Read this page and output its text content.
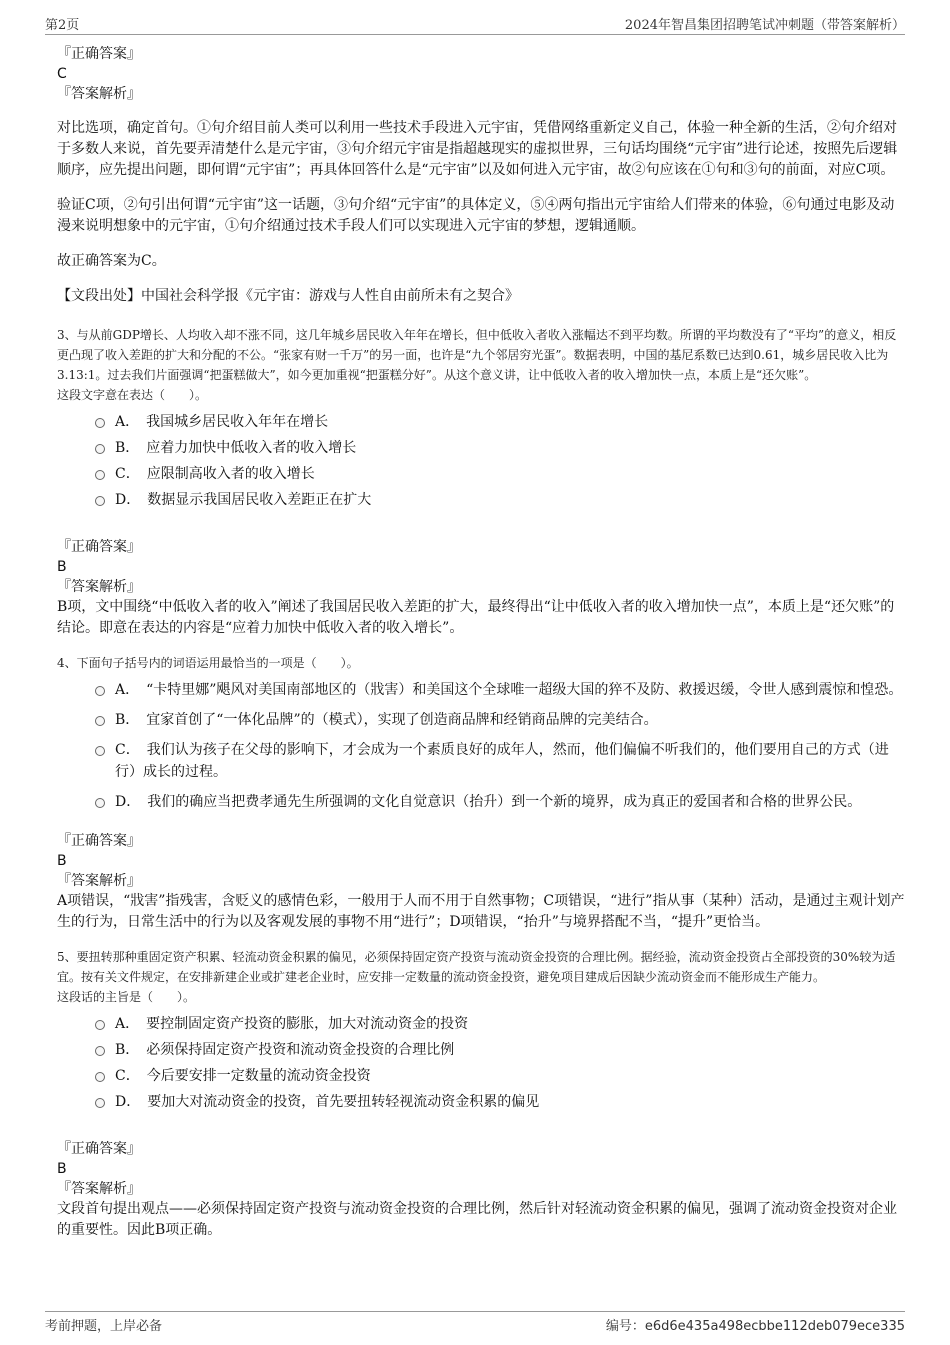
第2页	2024年智昌集团招聘笔试冲刺题（带答案解析）
『正确答案』
C
『答案解析』

对比选项，确定首句。①句介绍目前人类可以利用一些技术手段进入元宇宙，凭借网络重新定义自己，体验一种全新的生活，②句介绍对于多数人来说，首先要弄清楚什么是元宇宙，③句介绍元宇宙是指超越现实的虚拟世界，三句话均围绕“元宇宙”进行论述，按照先后逻辑顺序，应先提出问题，即何谓“元宇宙”；再具体回答什么是“元宇宙”以及如何进入元宇宙，故②句应该在①句和③句的前面，对应C项。

验证C项，②句引出何谓“元宇宙”这一话题，③句介绍“元宇宙”的具体定义，⑤④两句指出元宇宙给人们带来的体验，⑥句通过电影及动漫来说明想象中的元宇宙，①句介绍通过技术手段人们可以实现进入元宇宙的梦想，逻辑通顺。

故正确答案为C。

【文段出处】中国社会科学报《元宇宙：游戏与人性自由前所未有之契合》

3、与从前GDP增长、人均收入却不涨不同，这几年城乡居民收入年年在增长，但中低收入者收入涨幅达不到平均数。所谓的平均数没有了“平均”的意义，相反更凸现了收入差距的扩大和分配的不公。“张家有财一千万”的另一面，也许是“九个邻居穷光蛋”。数据表明，中国的基尼系数已达到0.61，城乡居民收入比为3.13:1。过去我们片面强调“把蛋糕做大”，如今更加重视“把蛋糕分好”。从这个意义讲，让中低收入者的收入增加快一点，本质上是“还欠账”。

这段文字意在表达（　　）。

A．　我国城乡居民收入年年在增长
B．　应着力加快中低收入者的收入增长
C．　应限制高收入者的收入增长
D．　数据显示我国居民收入差距正在扩大
『正确答案』
B
『答案解析』

B项，文中围绕“中低收入者的收入”阐述了我国居民收入差距的扩大，最终得出“让中低收入者的收入增加快一点”，本质上是“还欠账”的结论。即意在表达的内容是“应着力加快中低收入者的收入增长”。

4、下面句子括号内的词语运用最恰当的一项是（　　）。

A．　“卡特里娜”飓风对美国南部地区的（戕害）和美国这个全球唯一超级大国的猝不及防、救援迟缓，令世人感到震惊和惶恐。
B．　宜家首创了“一体化品牌”的（模式），实现了创造商品牌和经销商品牌的完美结合。
C．　我们认为孩子在父母的影响下，才会成为一个素质良好的成年人，然而，他们偏偏不听我们的，他们要用自己的方式（进行）成长的过程。
D．　我们的确应当把费孝通先生所强调的文化自觉意识（抬升）到一个新的境界，成为真正的爱国者和合格的世界公民。
『正确答案』
B
『答案解析』

A项错误，“戕害”指残害，含贬义的感情色彩，一般用于人而不用于自然事物；C项错误，“进行”指从事（某种）活动，是通过主观计划产生的行为，日常生活中的行为以及客观发展的事物不用“进行”；D项错误，“抬升”与境界搭配不当，“提升”更恰当。

5、要扭转那种重固定资产积累、轻流动资金积累的偏见，必须保持固定资产投资与流动资金投资的合理比例。据经验，流动资金投资占全部投资的30%较为适宜。按有关文件规定，在安排新建企业或扩建老企业时，应安排一定数量的流动资金投资，避免项目建成后因缺少流动资金而不能形成生产能力。

这段话的主旨是（　　）。

A．　要控制固定资产投资的膨胀，加大对流动资金的投资
B．　必须保持固定资产投资和流动资金投资的合理比例
C．　今后要安排一定数量的流动资金投资
D．　要加大对流动资金的投资，首先要扭转轻视流动资金积累的偏见
『正确答案』
B
『答案解析』

文段首句提出观点——必须保持固定资产投资与流动资金投资的合理比例，然后针对轻流动资金积累的偏见，强调了流动资金投资对企业的重要性。因此B项正确。

考前押题，上岸必备	编号：e6d6e435a498ecbbe112deb079ece335
